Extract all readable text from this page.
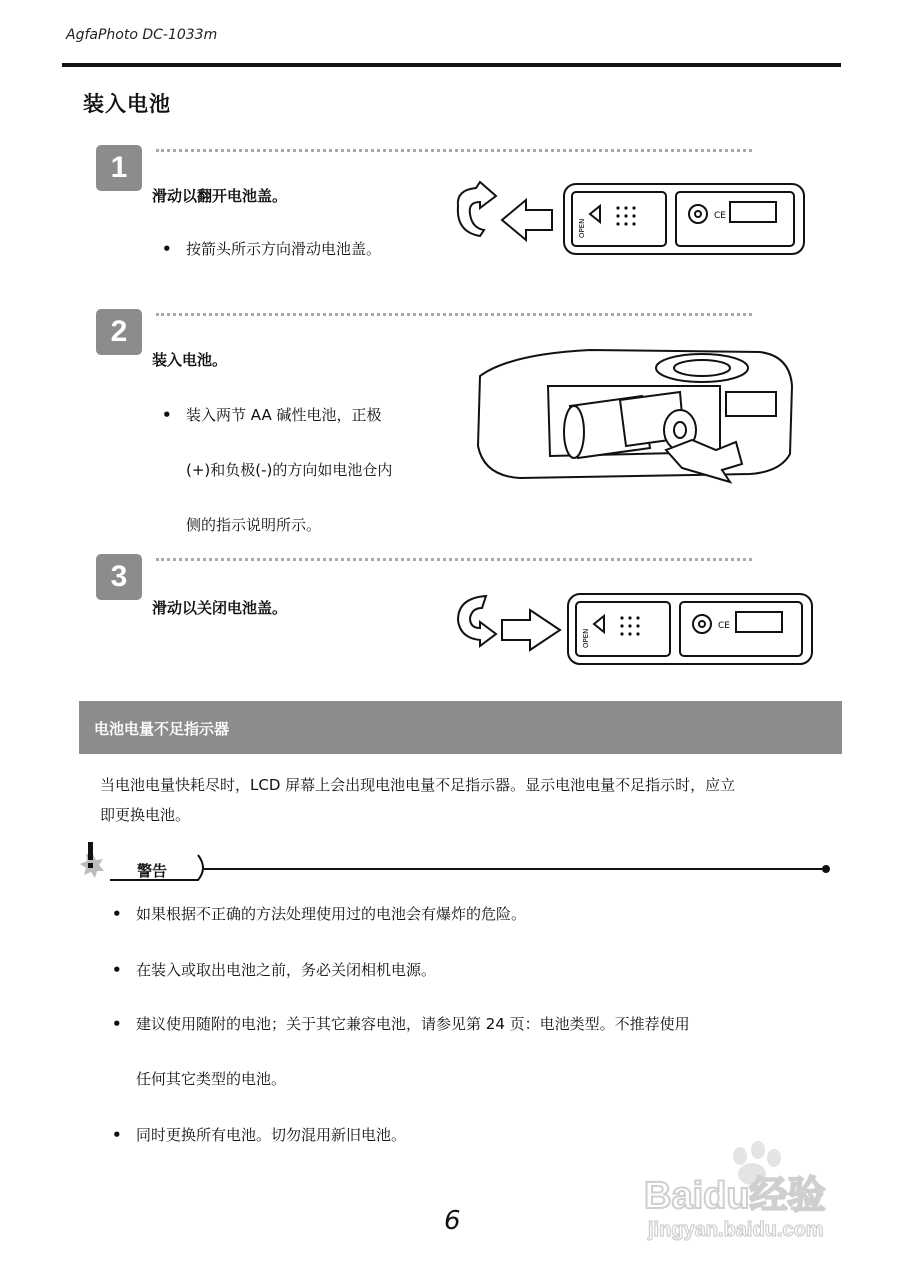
AgfaPhoto DC-1033m
装入电池
1
滑动以翻开电池盖。
• 按箭头所示方向滑动电池盖。
OPEN
CE
2
装入电池。
• 装入两节 AA 碱性电池，正极
(+)和负极(-)的方向如电池仓内
侧的指示说明所示。
3
滑动以关闭电池盖。
OPEN
CE
电池电量不足指示器
当电池电量快耗尽时，LCD 屏幕上会出现电池电量不足指示器。显示电池电量不足指示时，应立
即更换电池。
警告
• 如果根据不正确的方法处理使用过的电池会有爆炸的危险。
• 在装入或取出电池之前，务必关闭相机电源。
• 建议使用随附的电池；关于其它兼容电池，请参见第 24 页：电池类型。不推荐使用
任何其它类型的电池。
• 同时更换所有电池。切勿混用新旧电池。
Baidu经验
jingyan.baidu.com
6
